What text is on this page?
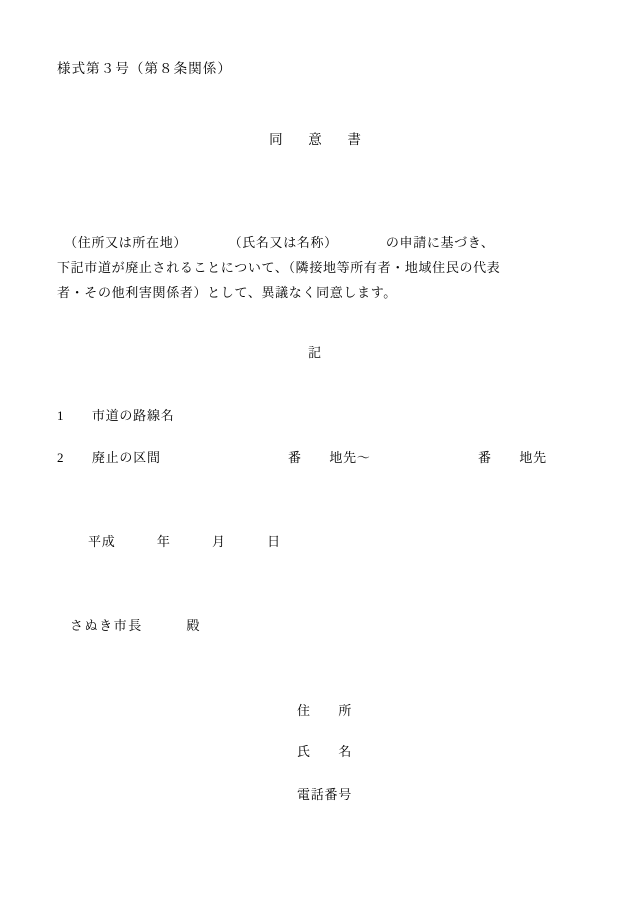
様式第３号（第８条関係）
同　意　書
　（住所又は所在地）　　　　（氏名又は名称）　　　　の申請に基づき、
下記市道が廃止されることについて、（隣接地等所有者・地域住民の代表
者・その他利害関係者）として、異議なく同意します。
記
1　　市道の路線名
2　　廃止の区間	番　　地先〜	番　　地先
平成　　　年　　　月　　　日
さぬき市長　　　殿
住　　所
氏　　名
電話番号
